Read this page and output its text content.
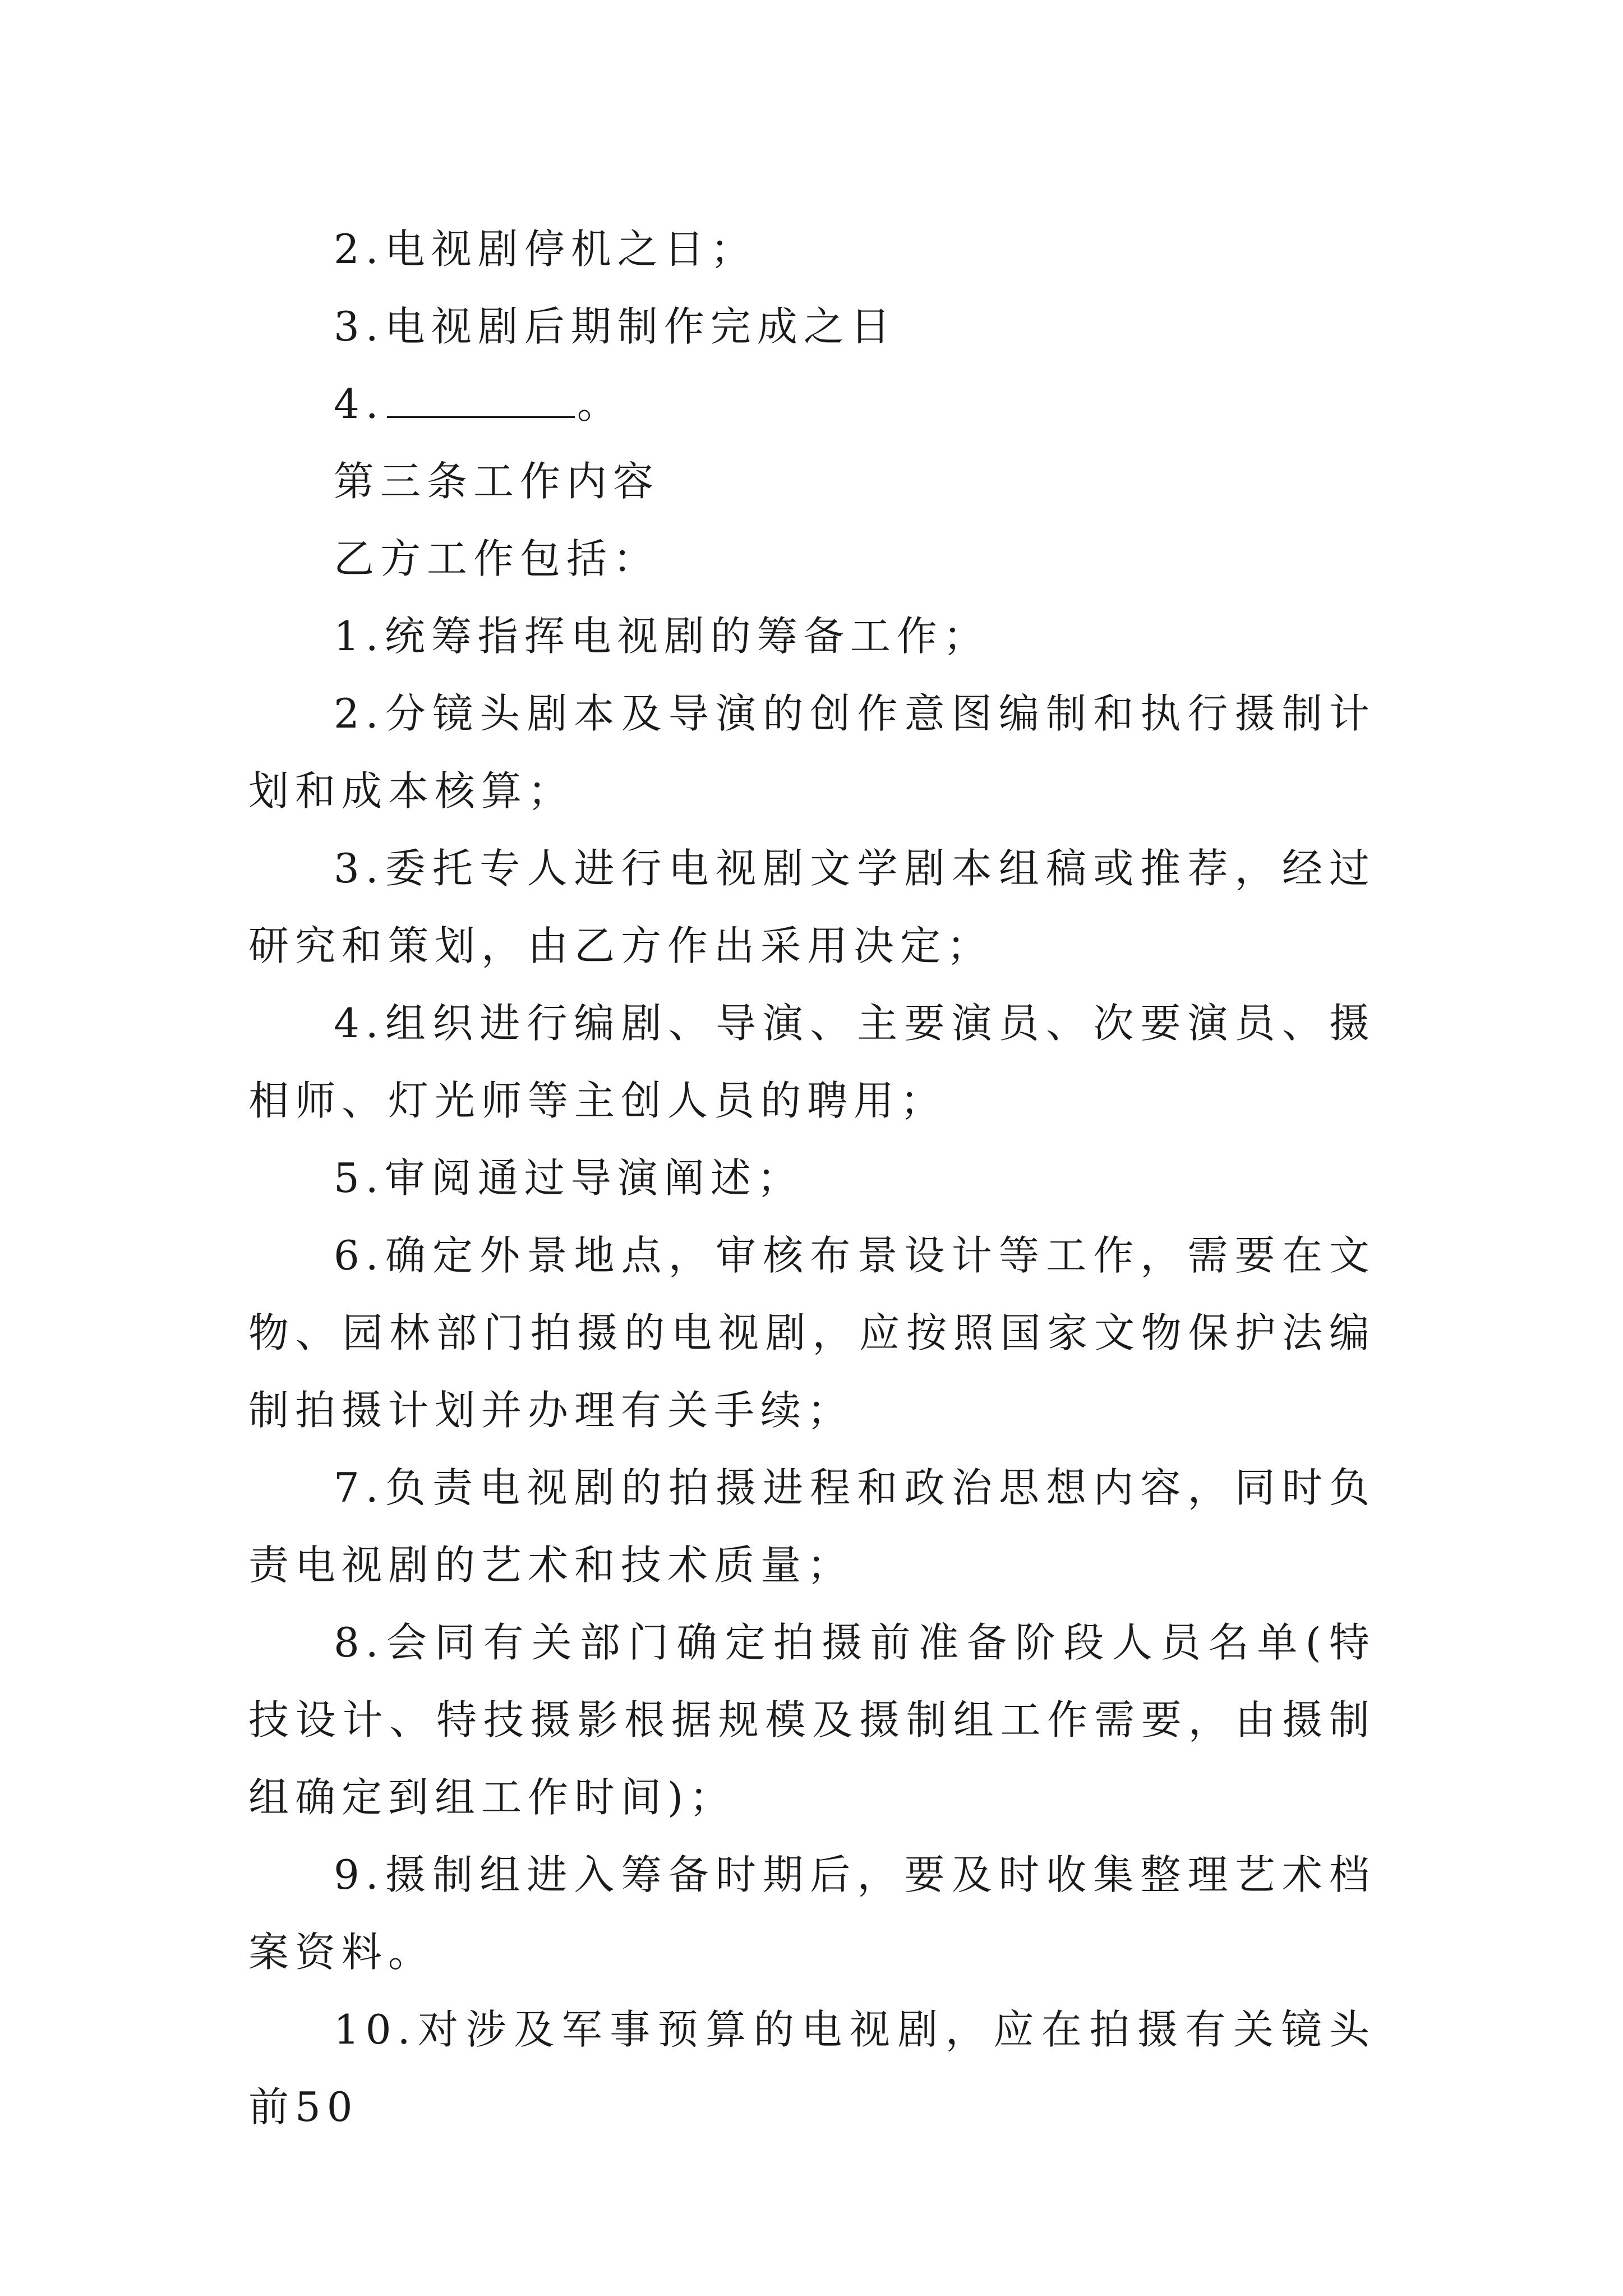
2.电视剧停机之日；

3.电视剧后期制作完成之日

4.	。

第三条工作内容

乙方工作包括：

1.统筹指挥电视剧的筹备工作；

2.分镜头剧本及导演的创作意图编制和执行摄制计划和成本核算；

3.委托专人进行电视剧文学剧本组稿或推荐，经过研究和策划，由乙方作出采用决定；

4.组织进行编剧、导演、主要演员、次要演员、摄相师、灯光师等主创人员的聘用；

5.审阅通过导演阐述；

6.确定外景地点，审核布景设计等工作，需要在文物、园林部门拍摄的电视剧，应按照国家文物保护法编制拍摄计划并办理有关手续；

7.负责电视剧的拍摄进程和政治思想内容，同时负责电视剧的艺术和技术质量；

8.会同有关部门确定拍摄前准备阶段人员名单(特技设计、特技摄影根据规模及摄制组工作需要，由摄制组确定到组工作时间)；

9.摄制组进入筹备时期后，要及时收集整理艺术档案资料。

10.对涉及军事预算的电视剧，应在拍摄有关镜头前50
